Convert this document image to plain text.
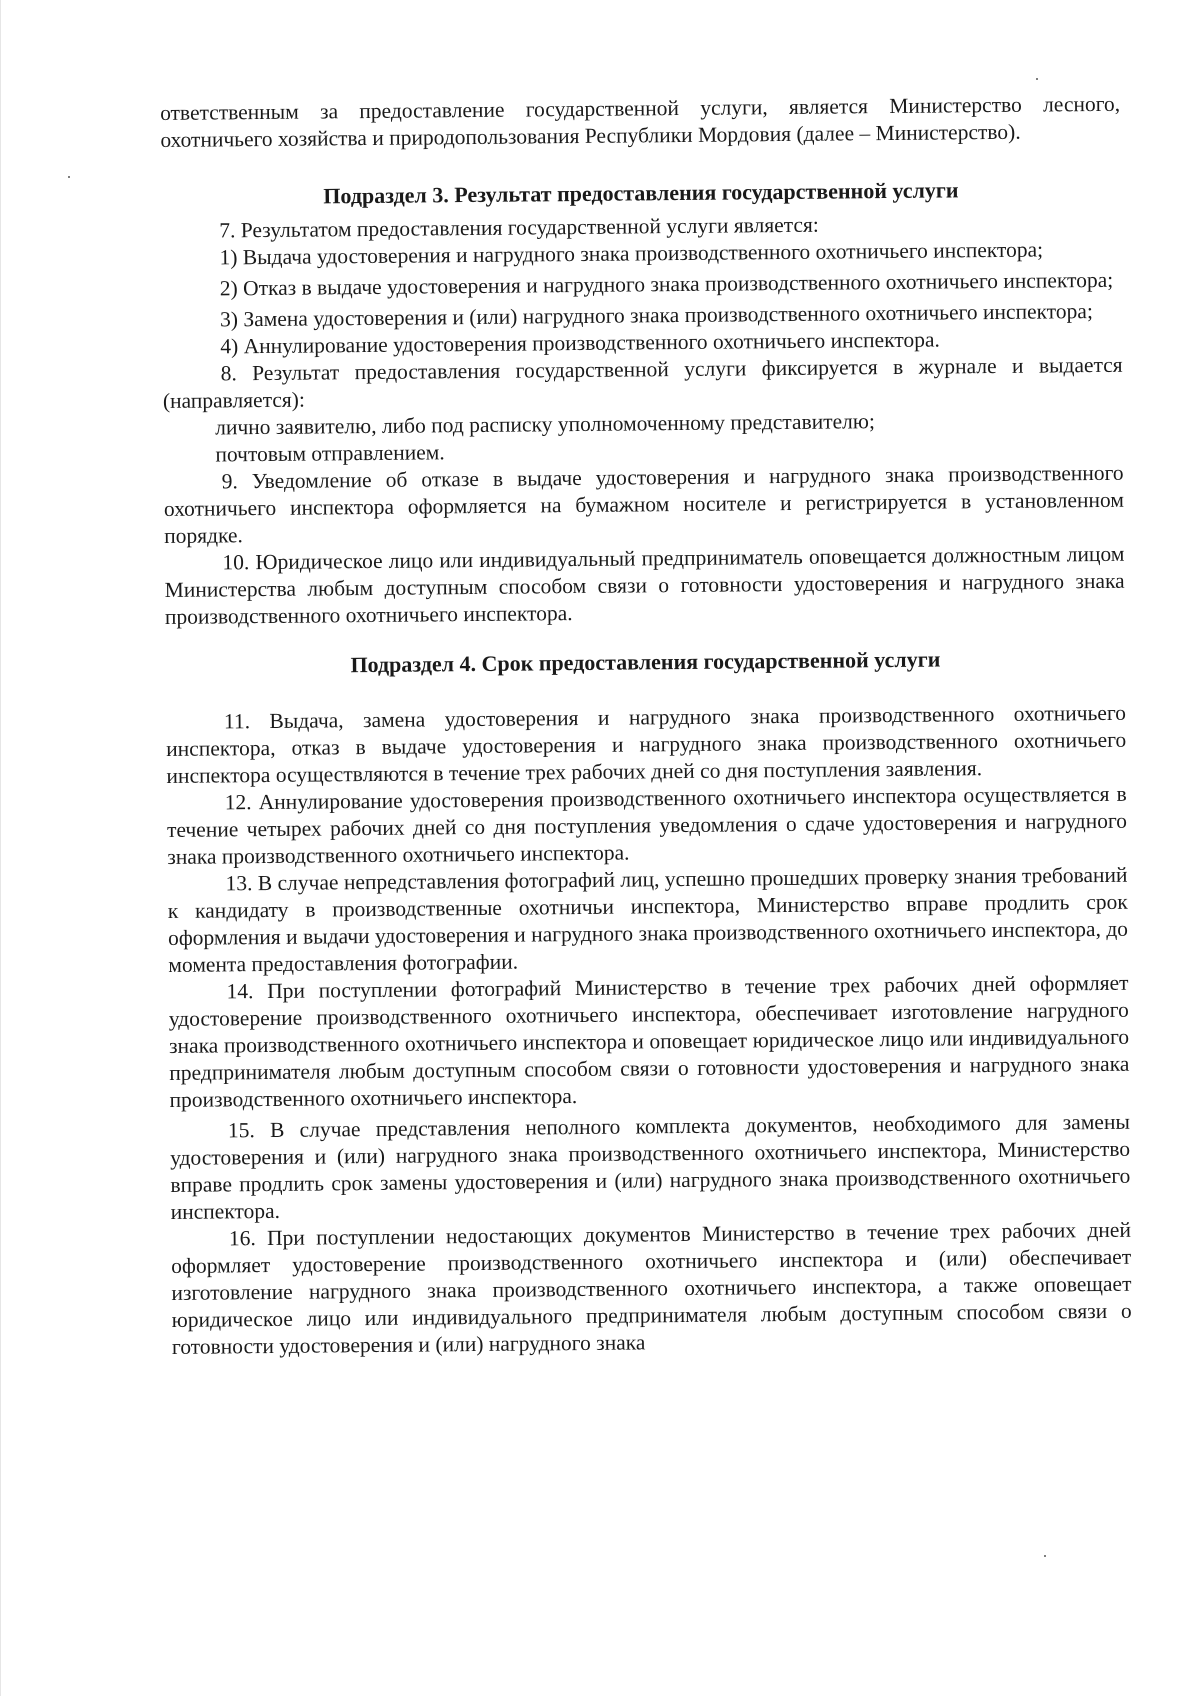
ответственным за предоставление государственной услуги, является Министерство лесного, охотничьего хозяйства и природопользования Республики Мордовия (далее – Министерство).

Подраздел 3. Результат предоставления государственной услуги

7. Результатом предоставления государственной услуги является:

1) Выдача удостоверения и нагрудного знака производственного охотничьего инспектора;

2) Отказ в выдаче удостоверения и нагрудного знака производственного охотничьего инспектора;

3) Замена удостоверения и (или) нагрудного знака производственного охотничьего инспектора;

4) Аннулирование удостоверения производственного охотничьего инспектора.

8. Результат предоставления государственной услуги фиксируется в журнале и выдается (направляется):

лично заявителю, либо под расписку уполномоченному представителю;

почтовым отправлением.

9. Уведомление об отказе в выдаче удостоверения и нагрудного знака производственного охотничьего инспектора оформляется на бумажном носителе и регистрируется в установленном порядке.

10. Юридическое лицо или индивидуальный предприниматель оповещается должностным лицом Министерства любым доступным способом связи о готовности удостоверения и нагрудного знака производственного охотничьего инспектора.

Подраздел 4. Срок предоставления государственной услуги

11. Выдача, замена удостоверения и нагрудного знака производственного охотничьего инспектора, отказ в выдаче удостоверения и нагрудного знака производственного охотничьего инспектора осуществляются в течение трех рабочих дней со дня поступления заявления.

12. Аннулирование удостоверения производственного охотничьего инспектора осуществляется в течение четырех рабочих дней со дня поступления уведомления о сдаче удостоверения и нагрудного знака производственного охотничьего инспектора.

13. В случае непредставления фотографий лиц, успешно прошедших проверку знания требований к кандидату в производственные охотничьи инспектора, Министерство вправе продлить срок оформления и выдачи удостоверения и нагрудного знака производственного охотничьего инспектора, до момента предоставления фотографии.

14. При поступлении фотографий Министерство в течение трех рабочих дней оформляет удостоверение производственного охотничьего инспектора, обеспечивает изготовление нагрудного знака производственного охотничьего инспектора и оповещает юридическое лицо или индивидуального предпринимателя любым доступным способом связи о готовности удостоверения и нагрудного знака производственного охотничьего инспектора.

15. В случае представления неполного комплекта документов, необходимого для замены удостоверения и (или) нагрудного знака производственного охотничьего инспектора, Министерство вправе продлить срок замены удостоверения и (или) нагрудного знака производственного охотничьего инспектора.

16. При поступлении недостающих документов Министерство в течение трех рабочих дней оформляет удостоверение производственного охотничьего инспектора и (или) обеспечивает изготовление нагрудного знака производственного охотничьего инспектора, а также оповещает юридическое лицо или индивидуального предпринимателя любым доступным способом связи о готовности удостоверения и (или) нагрудного знака
